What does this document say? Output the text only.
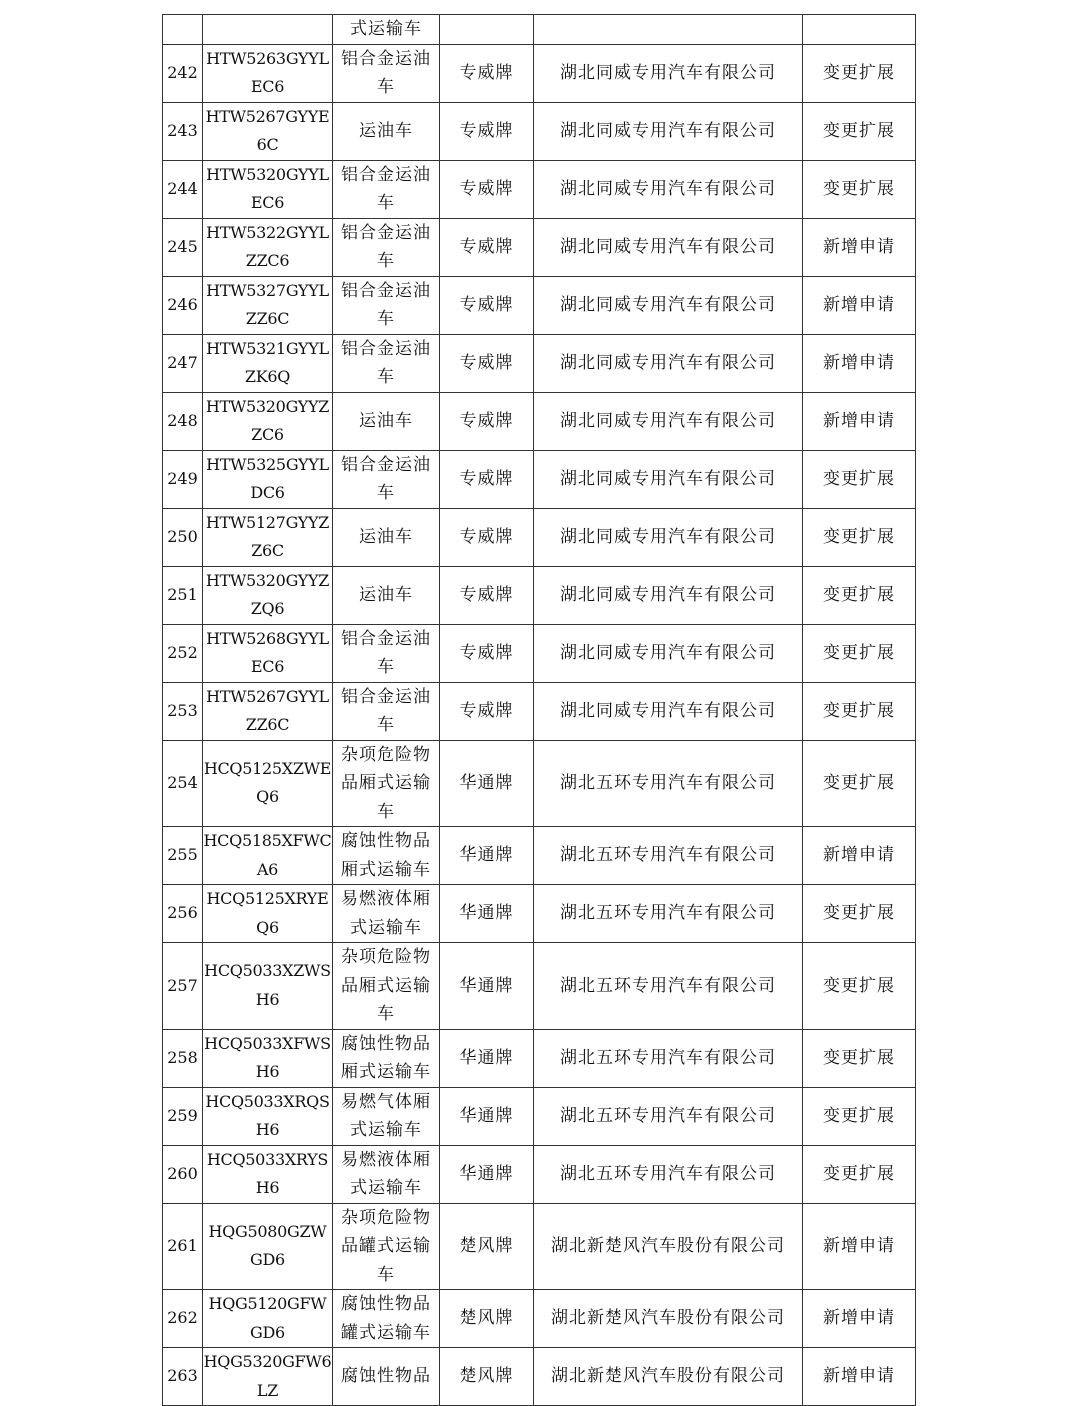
		式运输车			

242	HTW5263GYYLEC6	铝合金运油车	专威牌	湖北同威专用汽车有限公司	变更扩展

243	HTW5267GYYE6C	运油车	专威牌	湖北同威专用汽车有限公司	变更扩展

244	HTW5320GYYLEC6	铝合金运油车	专威牌	湖北同威专用汽车有限公司	变更扩展

245	HTW5322GYYLZZC6	铝合金运油车	专威牌	湖北同威专用汽车有限公司	新增申请

246	HTW5327GYYLZZ6C	铝合金运油车	专威牌	湖北同威专用汽车有限公司	新增申请

247	HTW5321GYYLZK6Q	铝合金运油车	专威牌	湖北同威专用汽车有限公司	新增申请

248	HTW5320GYYZZC6	运油车	专威牌	湖北同威专用汽车有限公司	新增申请

249	HTW5325GYYLDC6	铝合金运油车	专威牌	湖北同威专用汽车有限公司	变更扩展

250	HTW5127GYYZZ6C	运油车	专威牌	湖北同威专用汽车有限公司	变更扩展

251	HTW5320GYYZZQ6	运油车	专威牌	湖北同威专用汽车有限公司	变更扩展

252	HTW5268GYYLEC6	铝合金运油车	专威牌	湖北同威专用汽车有限公司	变更扩展

253	HTW5267GYYLZZ6C	铝合金运油车	专威牌	湖北同威专用汽车有限公司	变更扩展

254	HCQ5125XZWEQ6	杂项危险物品厢式运输车	华通牌	湖北五环专用汽车有限公司	变更扩展

255	HCQ5185XFWCA6	腐蚀性物品厢式运输车	华通牌	湖北五环专用汽车有限公司	新增申请

256	HCQ5125XRYEQ6	易燃液体厢式运输车	华通牌	湖北五环专用汽车有限公司	变更扩展

257	HCQ5033XZWSH6	杂项危险物品厢式运输车	华通牌	湖北五环专用汽车有限公司	变更扩展

258	HCQ5033XFWSH6	腐蚀性物品厢式运输车	华通牌	湖北五环专用汽车有限公司	变更扩展

259	HCQ5033XRQSH6	易燃气体厢式运输车	华通牌	湖北五环专用汽车有限公司	变更扩展

260	HCQ5033XRYSH6	易燃液体厢式运输车	华通牌	湖北五环专用汽车有限公司	变更扩展

261	HQG5080GZWGD6	杂项危险物品罐式运输车	楚风牌	湖北新楚风汽车股份有限公司	新增申请

262	HQG5120GFWGD6	腐蚀性物品罐式运输车	楚风牌	湖北新楚风汽车股份有限公司	新增申请

263	HQG5320GFW6LZ	腐蚀性物品	楚风牌	湖北新楚风汽车股份有限公司	新增申请
